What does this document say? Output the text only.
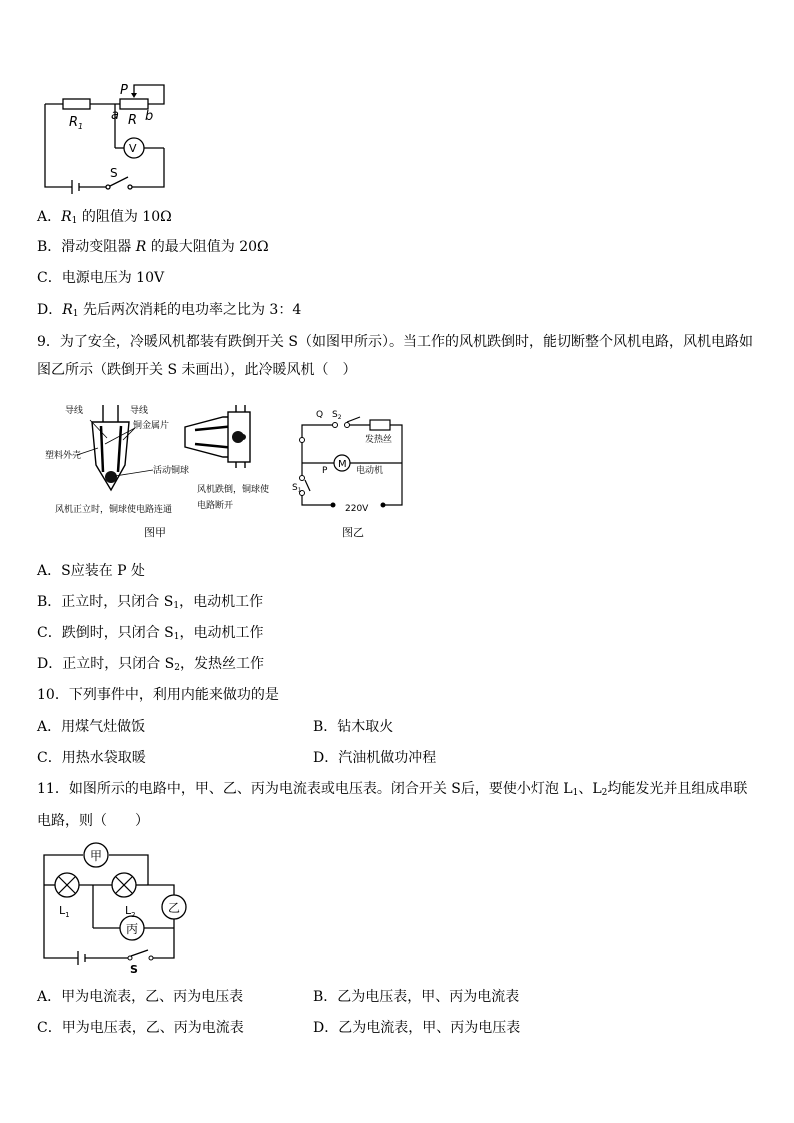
$R_1$
P
a R b
V
S
A．$R_1$ 的阻值为 10Ω
B．滑动变阻器 R 的最大阻值为 20Ω
C．电源电压为 10V
D．$R_1$ 先后两次消耗的电功率之比为 3：4
9．为了安全，冷暖风机都装有跌倒开关 S（如图甲所示）。当工作的风机跌倒时，能切断整个风机电路，风机电路如图乙所示（跌倒开关 S 未画出），此冷暖风机（　）
导线	导线
铜金属片
塑料外壳
活动铜球
风机正立时，铜球使电路连通
风机跌倒，铜球使
电路断开
图甲
Q $S_2$
发热丝
P
M
电动机
$S_1$
220V
图乙
A．S应装在 P 处
B．正立时，只闭合 $S_1$，电动机工作
C．跌倒时，只闭合 $S_1$，电动机工作
D．正立时，只闭合 $S_2$，发热丝工作
10．下列事件中，利用内能来做功的是
A．用煤气灶做饭	B．钻木取火
C．用热水袋取暖	D．汽油机做功冲程
11．如图所示的电路中，甲、乙、丙为电流表或电压表。闭合开关 S后，要使小灯泡 $L_1$、$L_2$均能发光并且组成串联电路，则（　　）
甲
乙
丙
$L_1$	$L_2$
S
A．甲为电流表，乙、丙为电压表	B．乙为电压表，甲、丙为电流表
C．甲为电压表，乙、丙为电流表	D．乙为电流表，甲、丙为电压表
